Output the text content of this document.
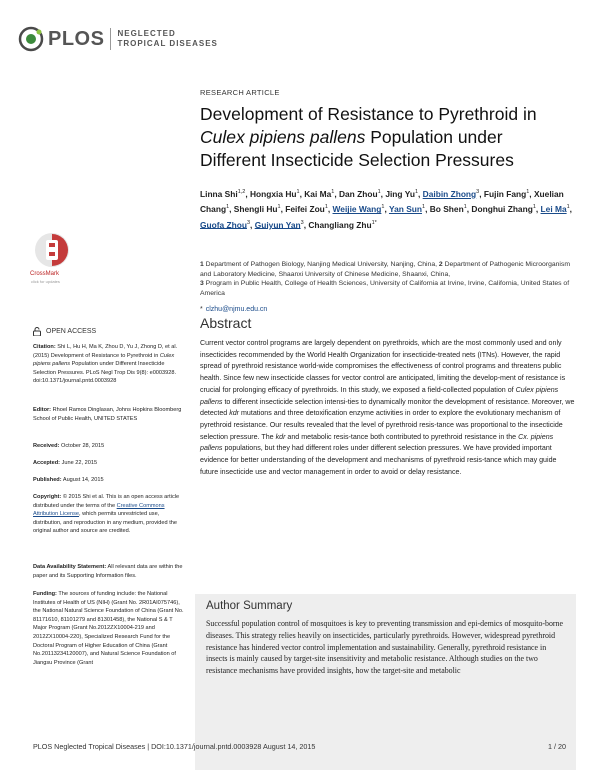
PLOS NEGLECTED
TROPICAL DISEASES
RESEARCH ARTICLE
Development of Resistance to Pyrethroid in
Culex pipiens pallens Population under
Different Insecticide Selection Pressures
Linna Shi$^{1,2}$, Hongxia Hu$^1$, Kai Ma$^1$, Dan Zhou$^1$, Jing Yu$^1$, Daibin Zhong$^3$, Fujin Fang$^1$, Xuelian Chang$^1$, Shengli Hu$^1$, Feifei Zou$^1$, Weijie Wang$^1$, Yan Sun$^1$, Bo Shen$^1$, Donghui Zhang$^1$, Lei Ma$^1$, Guofa Zhou$^3$, Guiyun Yan$^3$, Changliang Zhu$^{1*}$
1 Department of Pathogen Biology, Nanjing Medical University, Nanjing, China, 2 Department of Pathogenic Microorganism and Laboratory Medicine, Shaanxi University of Chinese Medicine, Shaanxi, China,
3 Program in Public Health, College of Health Sciences, University of California at Irvine, Irvine, California, United States of America
* clzhu@njmu.edu.cn
Abstract
Current vector control programs are largely dependent on pyrethroids, which are the most commonly used and only insecticides recommended by the World Health Organization for insecticide-treated nets (ITNs). However, the rapid spread of pyrethroid resistance world-wide compromises the effectiveness of control programs and threatens public health. Since few new insecticide classes for vector control are anticipated, limiting the develop-ment of resistance is crucial for prolonging efficacy of pyrethroids. In this study, we exposed a field-collected population of Culex pipiens pallens to different insecticide selection intensi-ties to dynamically monitor the development of resistance. Moreover, we detected kdr mutations and three detoxification enzyme activities in order to explore the evolutionary mechanism of pyrethroid resistance. Our results revealed that the level of pyrethroid resis-tance was proportional to the insecticide selection pressure. The kdr and metabolic resis-tance both contributed to pyrethroid resistance in the Cx. pipiens pallens populations, but they had different roles under different selection pressures. We have provided important evidence for better understanding of the development and mechanisms of pyrethroid resis-tance which may guide future insecticide use and vector management in order to avoid or delay resistance.
Author Summary
Successful population control of mosquitoes is key to preventing transmission and epi-demics of mosquito-borne diseases. This strategy relies heavily on insecticides, particularly pyrethroids. However, widespread pyrethroid resistance has hindered vector control implementation and sustainability. Generally, pyrethroid resistance in insects is mainly caused by target-site insensitivity and metabolic resistance. Although studies on the two resistance mechanisms have provided insights, how the target-site and metabolic
CrossMark
click for updates
OPEN ACCESS
Citation: Shi L, Hu H, Ma K, Zhou D, Yu J, Zhong D, et al. (2015) Development of Resistance to Pyrethroid in Culex pipiens pallens Population under Different Insecticide Selection Pressures. PLoS Negl Trop Dis 9(8): e0003928. doi:10.1371/journal.pntd.0003928
Editor: Rhoel Ramos Dinglasan, Johns Hopkins Bloomberg School of Public Health, UNITED STATES
Received: October 28, 2015
Accepted: June 22, 2015
Published: August 14, 2015
Copyright: © 2015 Shi et al. This is an open access article distributed under the terms of the Creative Commons Attribution License, which permits unrestricted use, distribution, and reproduction in any medium, provided the original author and source are credited.
Data Availability Statement: All relevant data are within the paper and its Supporting Information files.
Funding: The sources of funding include: the National Institutes of Health of US (NIH) (Grant No. 2R01AI075746), the National Natural Science Foundation of China (Grant No. 81171610, 81101279 and 81301458), the National S & T Major Program (Grant No.2012ZX10004-219 and 2012ZX10004-220), Specialized Research Fund for the Doctoral Program of Higher Education of China (Grant No.20113234120007), and Natural Science Foundation of Jiangsu Province (Grant
PLOS Neglected Tropical Diseases | DOI:10.1371/journal.pntd.0003928 August 14, 2015	1 / 20
